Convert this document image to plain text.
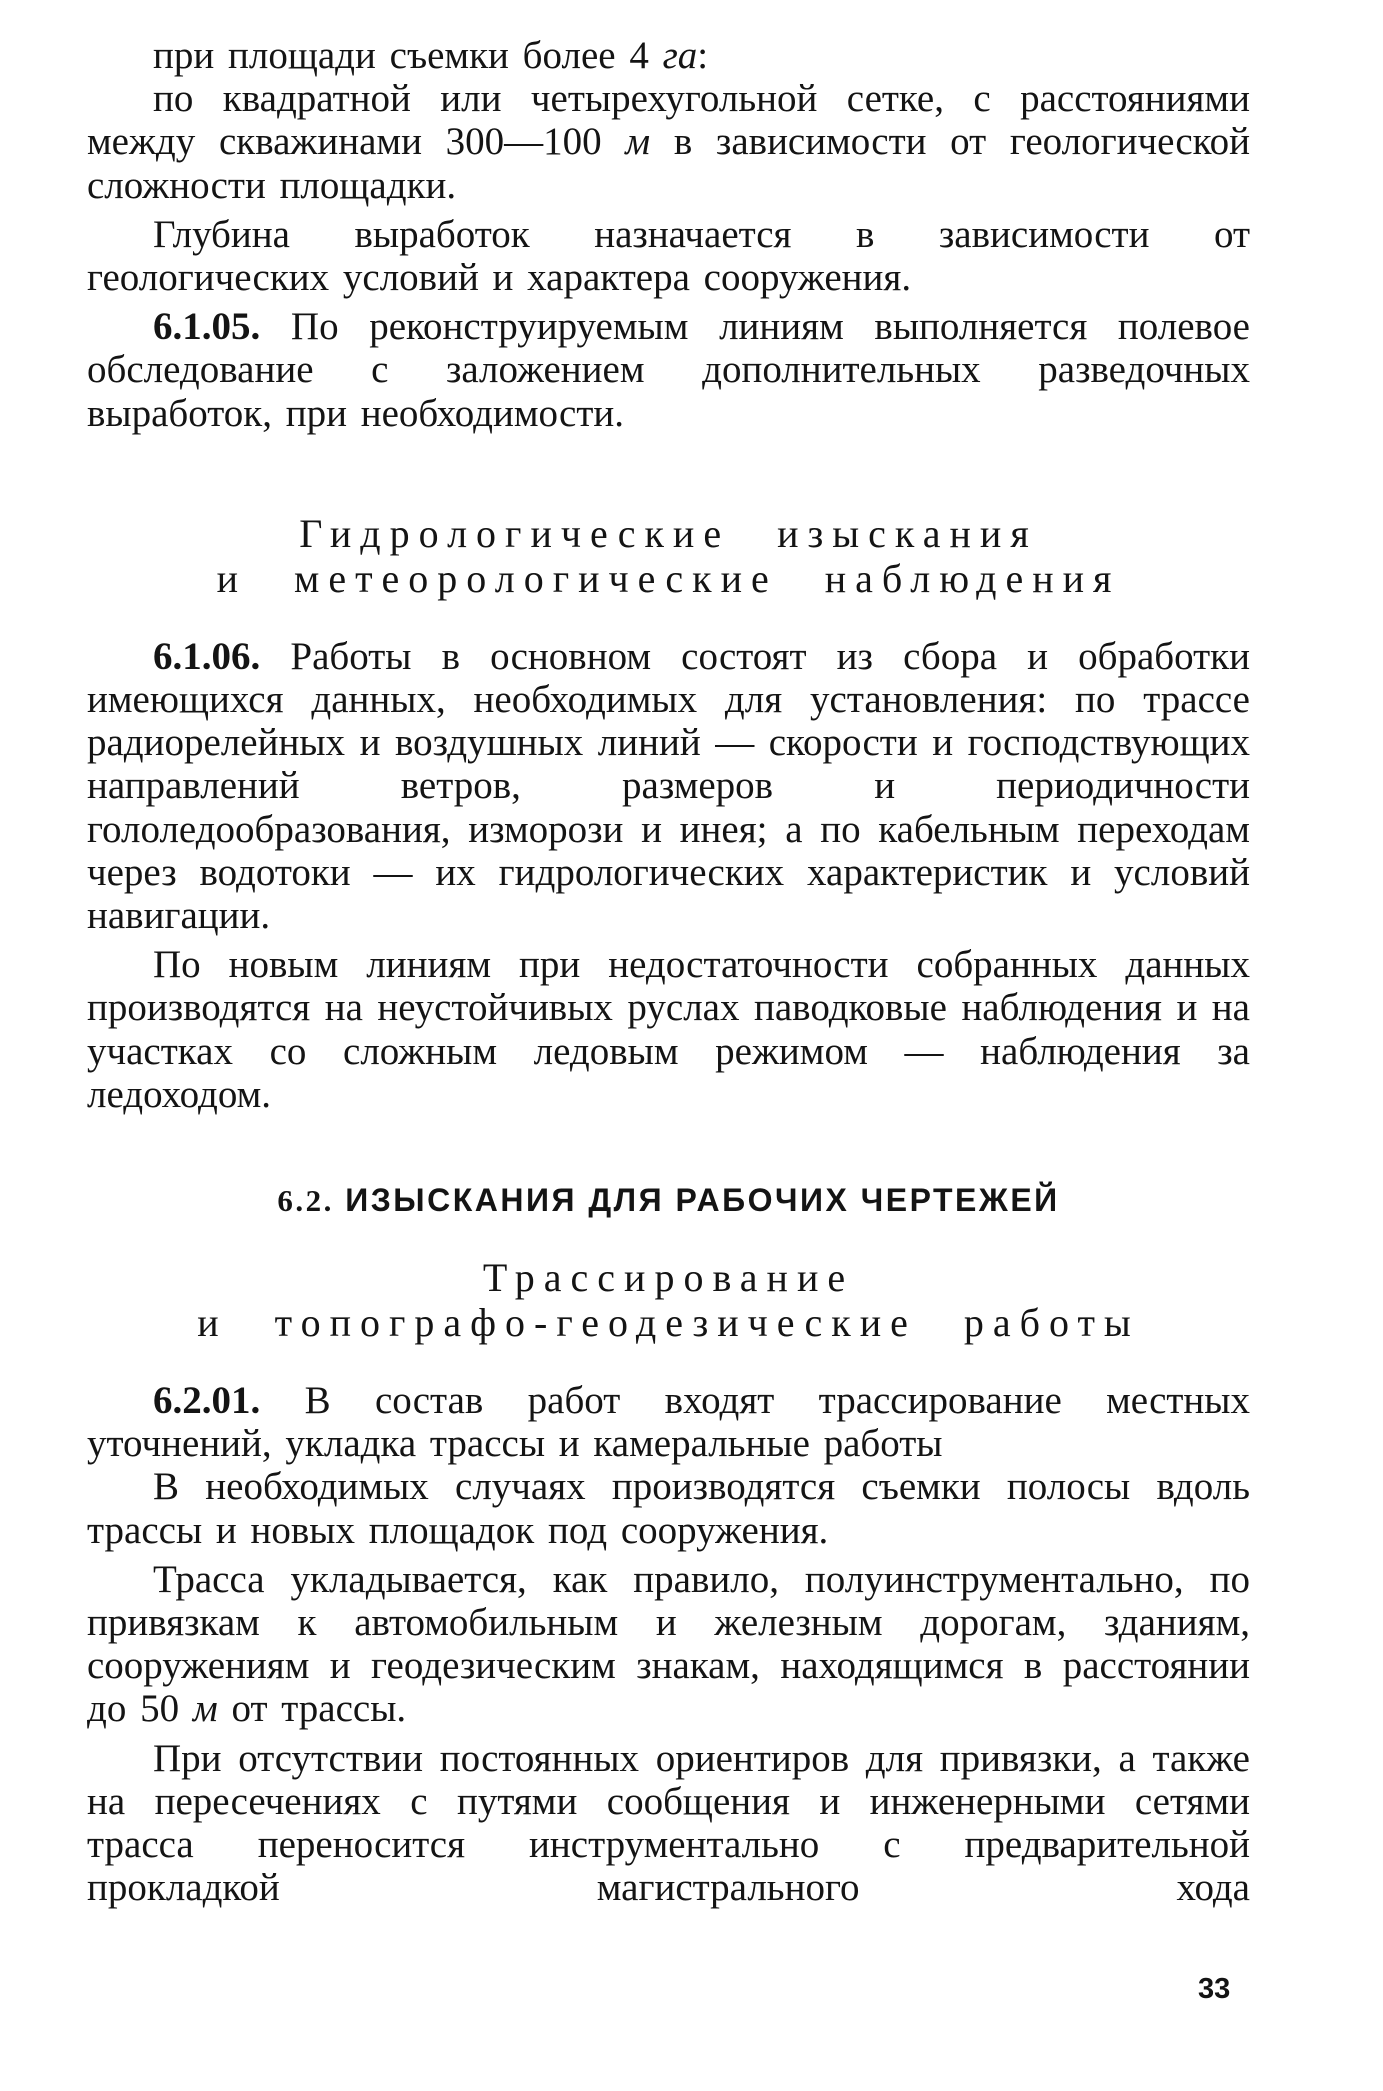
при площади съемки более 4 га:

по квадратной или четырехугольной сетке, с расстояниями между скважинами 300—100 м в зависимости от геологической сложности площадки.

Глубина выработок назначается в зависимости от геологических условий и характера сооружения.

6.1.05. По реконструируемым линиям выполняется полевое обследование с заложением дополнительных разведочных выработок, при необходимости.

Гидрологические изыскания

и метеорологические наблюдения

6.1.06. Работы в основном состоят из сбора и обработки имеющихся данных, необходимых для установления: по трассе радиорелейных и воздушных линий — скорости и господствующих направлений ветров, размеров и периодичности гололедообразования, изморози и инея; а по кабельным переходам через водотоки — их гидрологических характеристик и условий навигации.

По новым линиям при недостаточности собранных данных производятся на неустойчивых руслах паводковые наблюдения и на участках со сложным ледовым режимом — наблюдения за ледоходом.

6.2. ИЗЫСКАНИЯ ДЛЯ РАБОЧИХ ЧЕРТЕЖЕЙ

Трассирование

и топографо-геодезические работы

6.2.01. В состав работ входят трассирование местных уточнений, укладка трассы и камеральные работы

В необходимых случаях производятся съемки полосы вдоль трассы и новых площадок под сооружения.

Трасса укладывается, как правило, полуинструментально, по привязкам к автомобильным и железным дорогам, зданиям, сооружениям и геодезическим знакам, находящимся в расстоянии до 50 м от трассы.

При отсутствии постоянных ориентиров для привязки, а также на пересечениях с путями сообщения и инженерными сетями трасса переносится инструментально с предварительной прокладкой магистрального хода

33
